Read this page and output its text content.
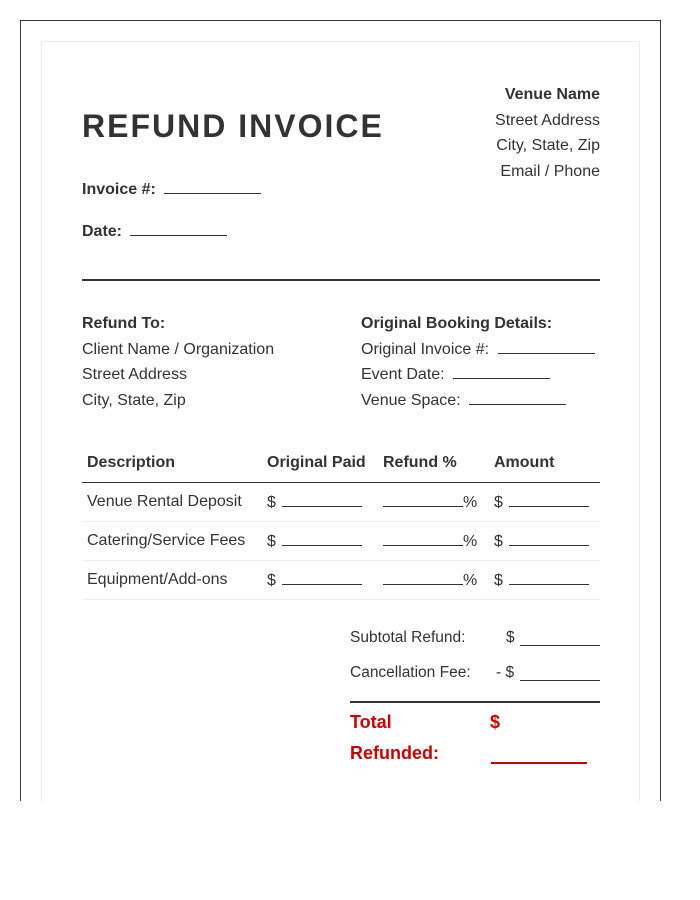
REFUND INVOICE
Venue Name
Street Address
City, State, Zip
Email / Phone
Invoice #:
Date:
Refund To:
Client Name / Organization
Street Address
City, State, Zip
Original Booking Details:
Original Invoice #:
Event Date:
Venue Space:
Description	Original Paid	Refund %	Amount
Venue Rental Deposit	$	%	$
Catering/Service Fees	$	%	$
Equipment/Add-ons	$	%	$
Subtotal Refund:	$
Cancellation Fee: - $
Total
Refunded:
$
